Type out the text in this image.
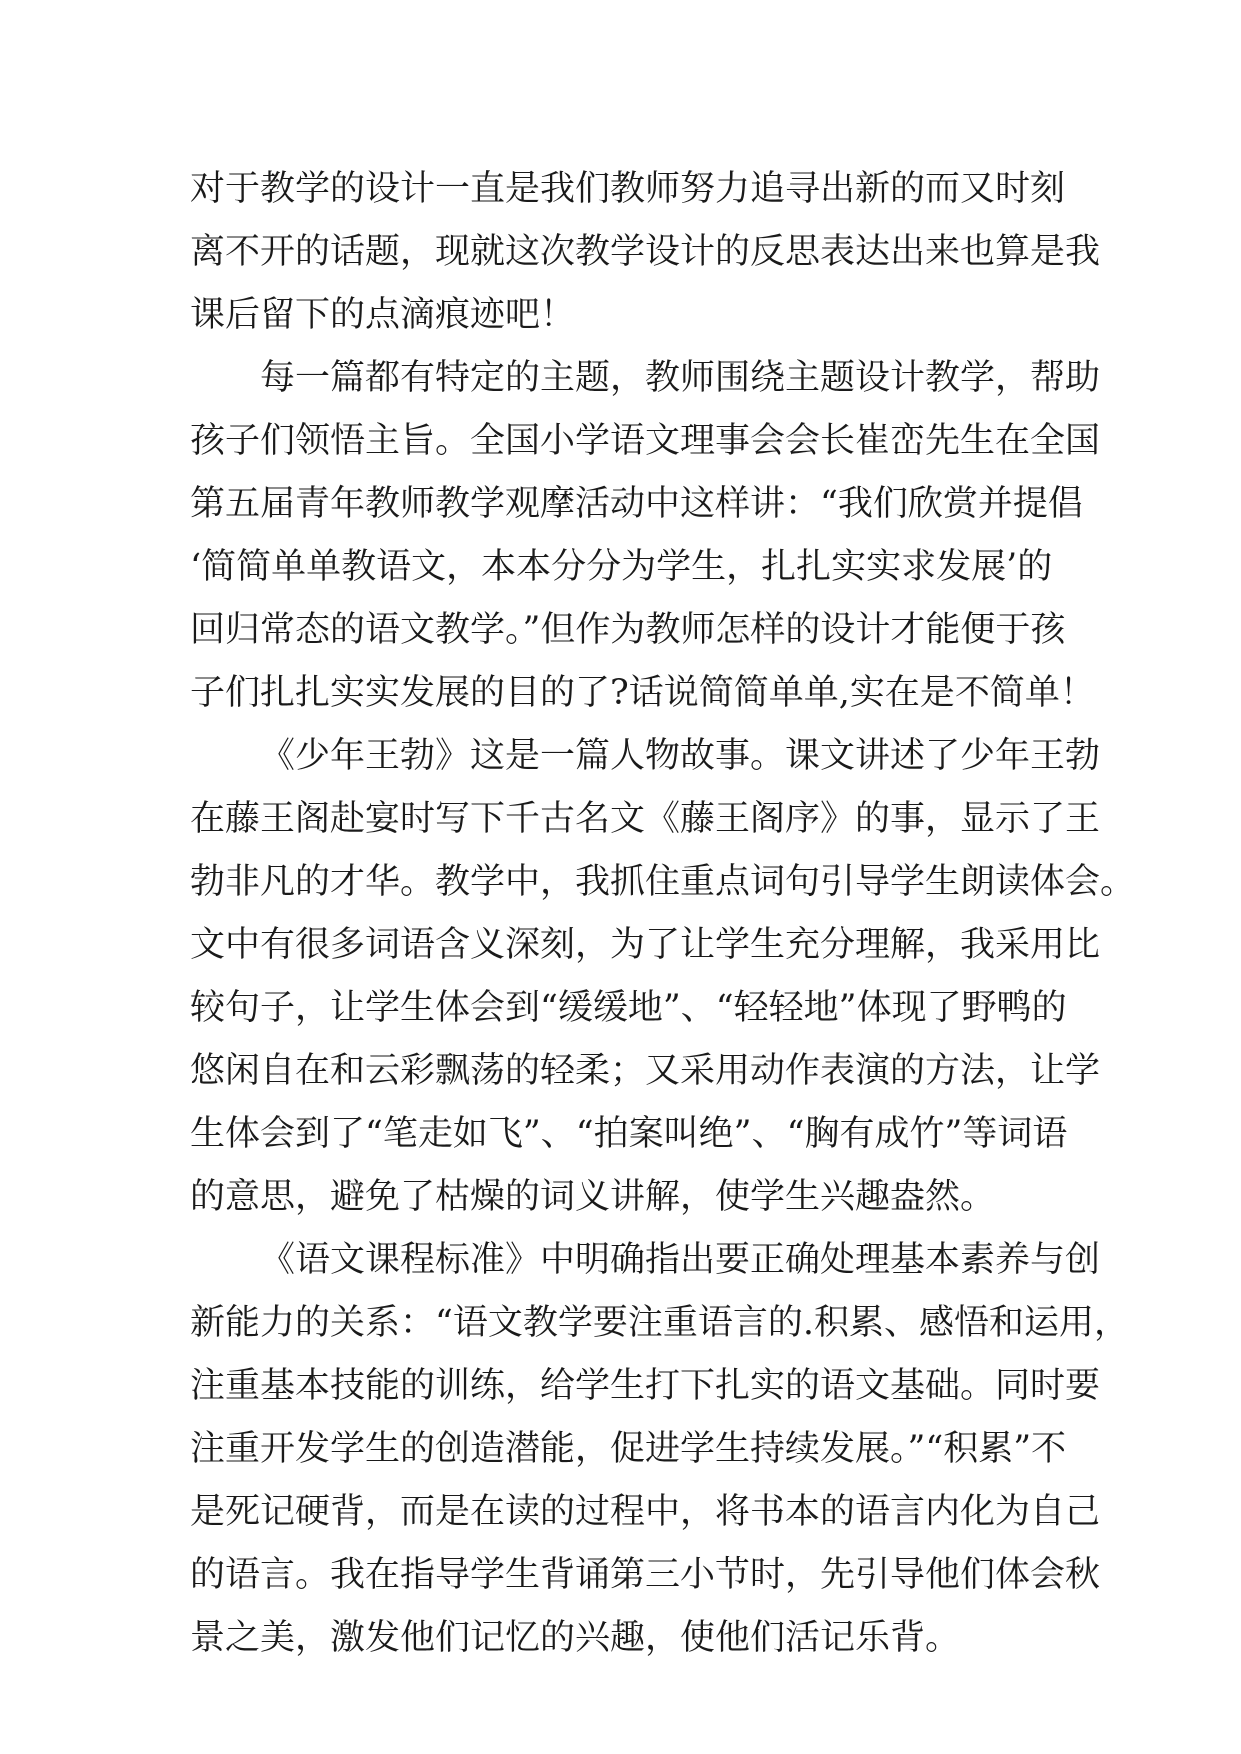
对于教学的设计一直是我们教师努力追寻出新的而又时刻
离不开的话题，现就这次教学设计的反思表达出来也算是我
课后留下的点滴痕迹吧！
每一篇都有特定的主题，教师围绕主题设计教学，帮助
孩子们领悟主旨。全国小学语文理事会会长崔峦先生在全国
第五届青年教师教学观摩活动中这样讲：“我们欣赏并提倡
‘简简单单教语文，本本分分为学生，扎扎实实求发展’的
回归常态的语文教学。”但作为教师怎样的设计才能便于孩
子们扎扎实实发展的目的了?话说简简单单,实在是不简单！
《少年王勃》这是一篇人物故事。课文讲述了少年王勃
在藤王阁赴宴时写下千古名文《藤王阁序》的事，显示了王
勃非凡的才华。教学中，我抓住重点词句引导学生朗读体会。
文中有很多词语含义深刻，为了让学生充分理解，我采用比
较句子，让学生体会到“缓缓地”、“轻轻地”体现了野鸭的
悠闲自在和云彩飘荡的轻柔；又采用动作表演的方法，让学
生体会到了“笔走如飞”、“拍案叫绝”、“胸有成竹”等词语
的意思，避免了枯燥的词义讲解，使学生兴趣盎然。
《语文课程标准》中明确指出要正确处理基本素养与创
新能力的关系：“语文教学要注重语言的.积累、感悟和运用，
注重基本技能的训练，给学生打下扎实的语文基础。同时要
注重开发学生的创造潜能，促进学生持续发展。”“积累”不
是死记硬背，而是在读的过程中，将书本的语言内化为自己
的语言。我在指导学生背诵第三小节时，先引导他们体会秋
景之美，激发他们记忆的兴趣，使他们活记乐背。
